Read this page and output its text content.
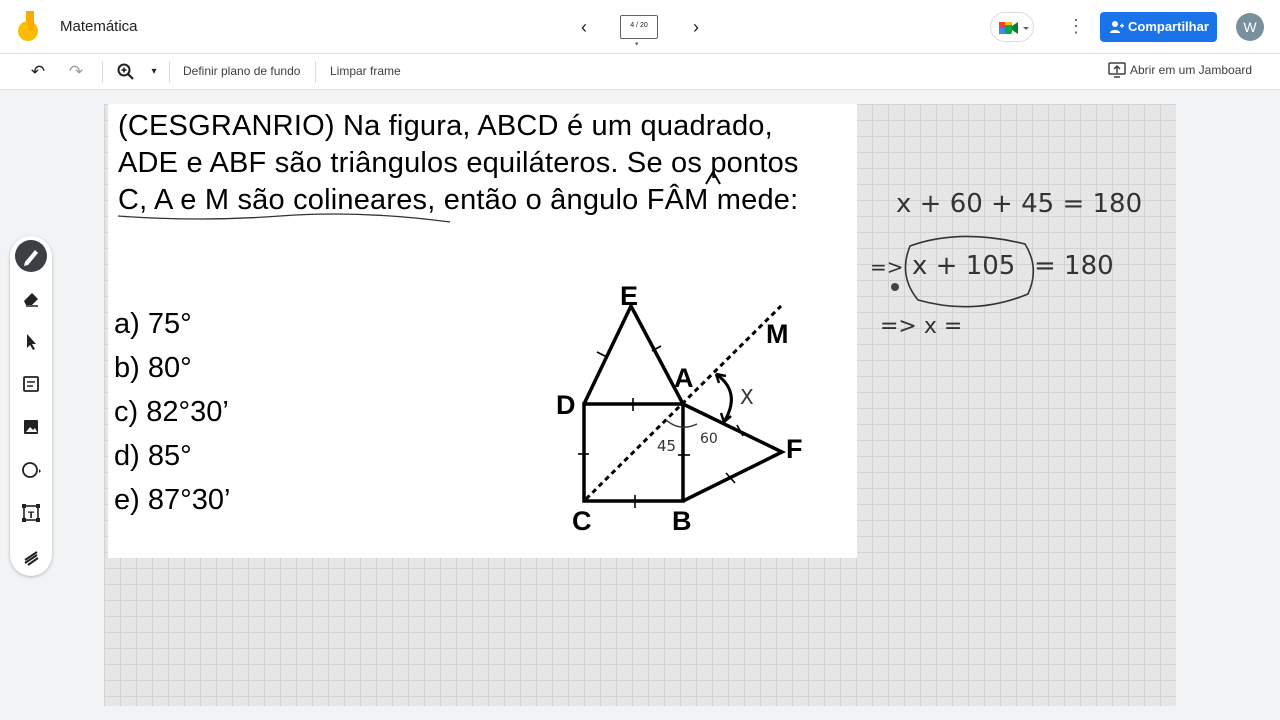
Matemática	‹	4 / 20
▾
›	⋮	Compartilhar	W
↶ ↷	▾	Definir plano de fundo Limpar frame	Abrir em um Jamboard
(CESGRANRIO) Na figura, ABCD é um quadrado,
ADE e ABF são triângulos equiláteros. Se os pontos
C, A e M são colineares, então o ângulo FÂM mede:
a) 75°
b) 80°
c) 82°30’
d) 85°
e) 87°30’
E
M
A
D
F
C	B
45 60
X
x + 60 + 45 = 180
=> x + 105 = 180
=> x =
T
